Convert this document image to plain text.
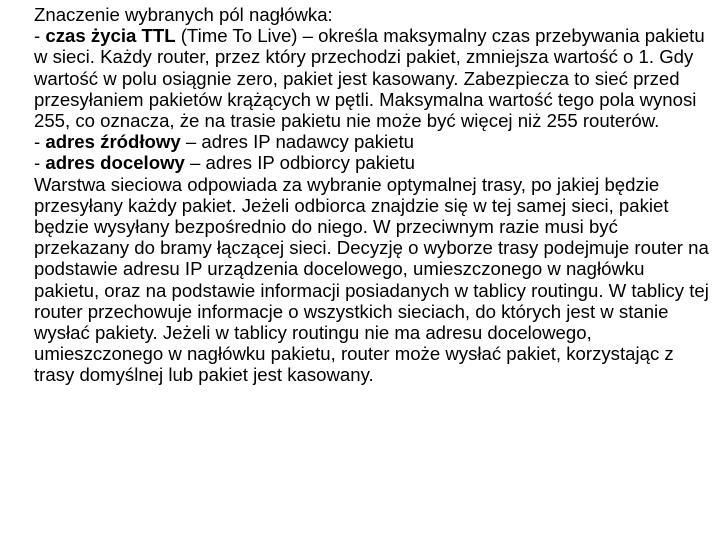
Znaczenie wybranych pól nagłówka:

- czas życia TTL (Time To Live) – określa maksymalny czas przebywania pakietu w sieci. Każdy router, przez który przechodzi pakiet, zmniejsza wartość o 1. Gdy wartość w polu osiągnie zero, pakiet jest kasowany. Zabezpiecza to sieć przed przesyłaniem pakietów krążących w pętli. Maksymalna wartość tego pola wynosi 255, co oznacza, że na trasie pakietu nie może być więcej niż 255 routerów.

- adres źródłowy – adres IP nadawcy pakietu

- adres docelowy – adres IP odbiorcy pakietu

Warstwa sieciowa odpowiada za wybranie optymalnej trasy, po jakiej będzie przesyłany każdy pakiet. Jeżeli odbiorca znajdzie się w tej samej sieci, pakiet będzie wysyłany bezpośrednio do niego. W przeciwnym razie musi być przekazany do bramy łączącej sieci. Decyzję o wyborze trasy podejmuje router na podstawie adresu IP urządzenia docelowego, umieszczonego w nagłówku pakietu, oraz na podstawie informacji posiadanych w tablicy routingu. W tablicy tej router przechowuje informacje o wszystkich sieciach, do których jest w stanie wysłać pakiety. Jeżeli w tablicy routingu nie ma adresu docelowego, umieszczonego w nagłówku pakietu, router może wysłać pakiet, korzystając z trasy domyślnej lub pakiet jest kasowany.
